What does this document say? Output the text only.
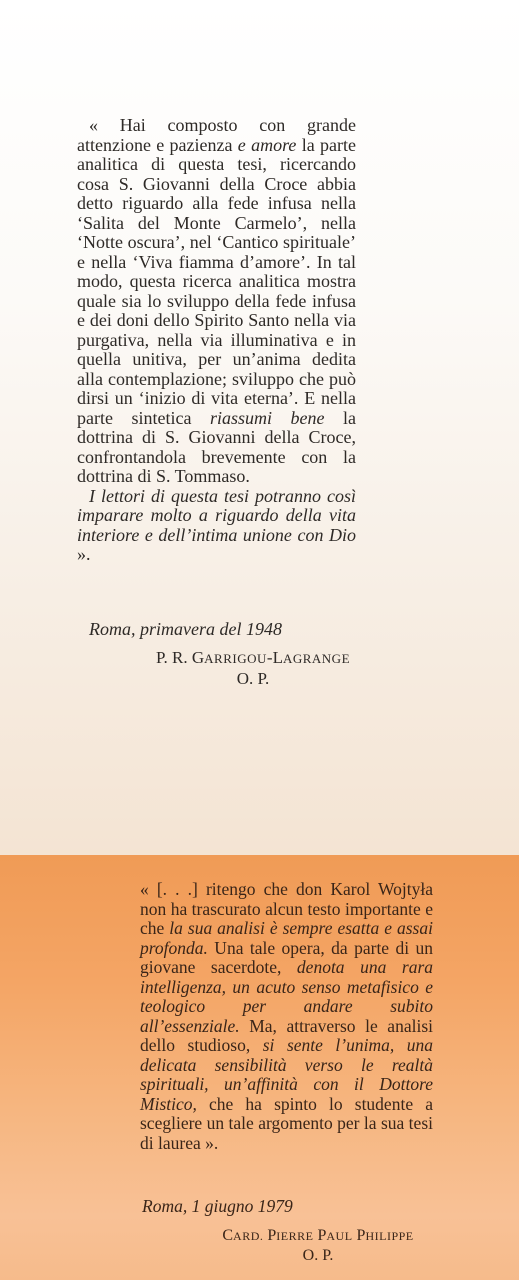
« Hai composto con grande attenzione e pazienza e amore la parte analitica di questa tesi, ricercando cosa S. Giovanni della Croce abbia detto riguardo alla fede infusa nella ‘Salita del Monte Carmelo’, nella ‘Notte oscura’, nel ‘Cantico spirituale’ e nella ‘Viva fiamma d’amore’. In tal modo, questa ricerca analitica mostra quale sia lo sviluppo della fede infusa e dei doni dello Spirito Santo nella via purgativa, nella via illuminativa e in quella unitiva, per un’anima dedita alla contemplazione; sviluppo che può dirsi un ‘inizio di vita eterna’. E nella parte sintetica riassumi bene la dottrina di S. Giovanni della Croce, confrontandola brevemente con la dottrina di S. Tommaso.

I lettori di questa tesi potranno così imparare molto a riguardo della vita interiore e dell’intima unione con Dio ».

Roma, primavera del 1948
P. R. GARRIGOU-LAGRANGE
O. P.

« [. . .] ritengo che don Karol Wojtyła non ha trascurato alcun testo importante e che la sua analisi è sempre esatta e assai profonda. Una tale opera, da parte di un giovane sacerdote, denota una rara intelligenza, un acuto senso metafisico e teologico per andare subito all’essenziale. Ma, attraverso le analisi dello studioso, si sente l’unima, una delicata sensibilità verso le realtà spirituali, un’affinità con il Dottore Mistico, che ha spinto lo studente a scegliere un tale argomento per la sua tesi di laurea ».

Roma, 1 giugno 1979
CARD. PIERRE PAUL PHILIPPE
O. P.
